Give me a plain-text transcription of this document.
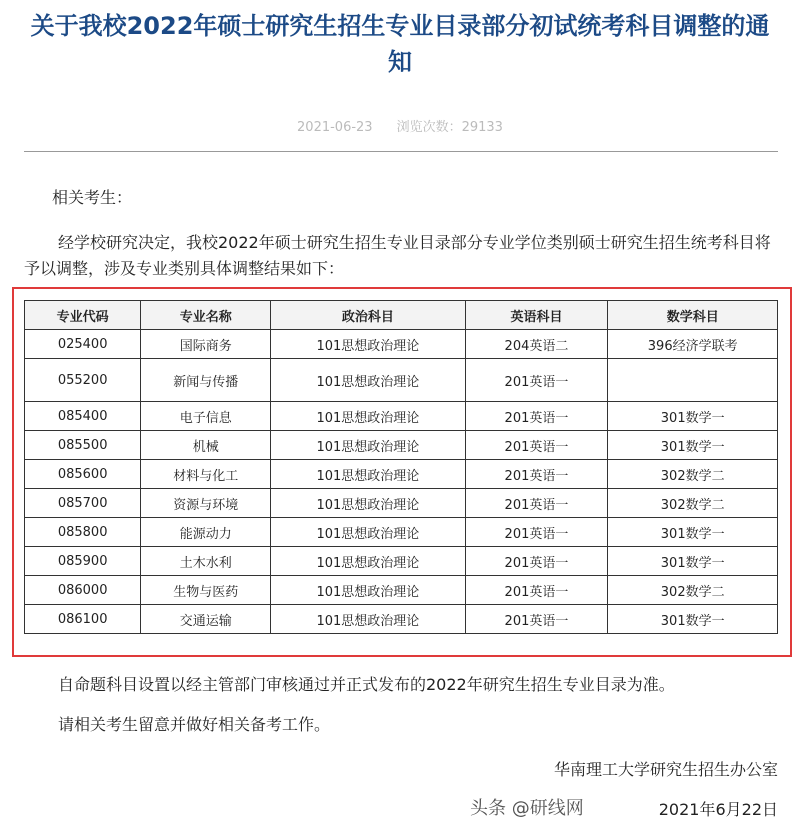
关于我校2022年硕士研究生招生专业目录部分初试统考科目调整的通知
2021-06-23 浏览次数：29133
相关考生：
经学校研究决定，我校2022年硕士研究生招生专业目录部分专业学位类别硕士研究生招生统考科目将予以调整，涉及专业类别具体调整结果如下：
专业代码	专业名称	政治科目	英语科目	数学科目
025400	国际商务	101思想政治理论	204英语二	396经济学联考
055200	新闻与传播	101思想政治理论	201英语一	
085400	电子信息	101思想政治理论	201英语一	301数学一
085500	机械	101思想政治理论	201英语一	301数学一
085600	材料与化工	101思想政治理论	201英语一	302数学二
085700	资源与环境	101思想政治理论	201英语一	302数学二
085800	能源动力	101思想政治理论	201英语一	301数学一
085900	土木水利	101思想政治理论	201英语一	301数学一
086000	生物与医药	101思想政治理论	201英语一	302数学二
086100	交通运输	101思想政治理论	201英语一	301数学一
自命题科目设置以经主管部门审核通过并正式发布的2022年研究生招生专业目录为准。
请相关考生留意并做好相关备考工作。
华南理工大学研究生招生办公室
2021年6月22日
头条 @研线网
